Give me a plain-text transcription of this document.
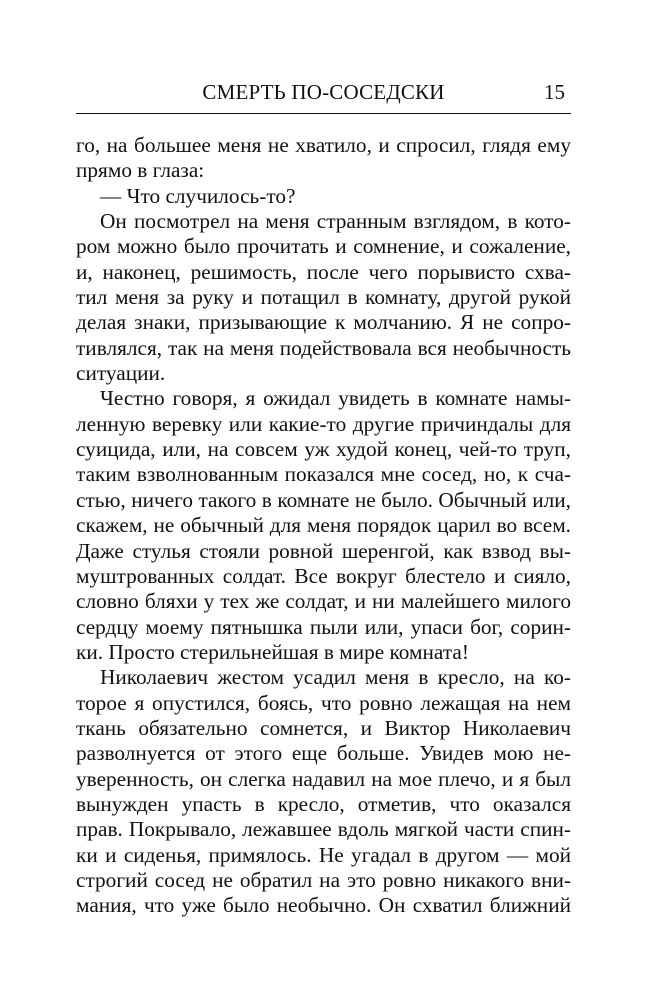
СМЕРТЬ ПО-СОСЕДСКИ	15
го, на большее меня не хватило, и спросил, глядя ему
прямо в глаза:
— Что случилось-то?
Он посмотрел на меня странным взглядом, в кото-
ром можно было прочитать и сомнение, и сожаление,
и, наконец, решимость, после чего порывисто схва-
тил меня за руку и потащил в комнату, другой рукой
делая знаки, призывающие к молчанию. Я не сопро-
тивлялся, так на меня подействовала вся необычность
ситуации.
Честно говоря, я ожидал увидеть в комнате намы-
ленную веревку или какие-то другие причиндалы для
суицида, или, на совсем уж худой конец, чей-то труп,
таким взволнованным показался мне сосед, но, к сча-
стью, ничего такого в комнате не было. Обычный или,
скажем, не обычный для меня порядок царил во всем.
Даже стулья стояли ровной шеренгой, как взвод вы-
муштрованных солдат. Все вокруг блестело и сияло,
словно бляхи у тех же солдат, и ни малейшего милого
сердцу моему пятнышка пыли или, упаси бог, сорин-
ки. Просто стерильнейшая в мире комната!
Николаевич жестом усадил меня в кресло, на ко-
торое я опустился, боясь, что ровно лежащая на нем
ткань обязательно сомнется, и Виктор Николаевич
разволнуется от этого еще больше. Увидев мою не-
уверенность, он слегка надавил на мое плечо, и я был
вынужден упасть в кресло, отметив, что оказался
прав. Покрывало, лежавшее вдоль мягкой части спин-
ки и сиденья, примялось. Не угадал в другом — мой
строгий сосед не обратил на это ровно никакого вни-
мания, что уже было необычно. Он схватил ближний
